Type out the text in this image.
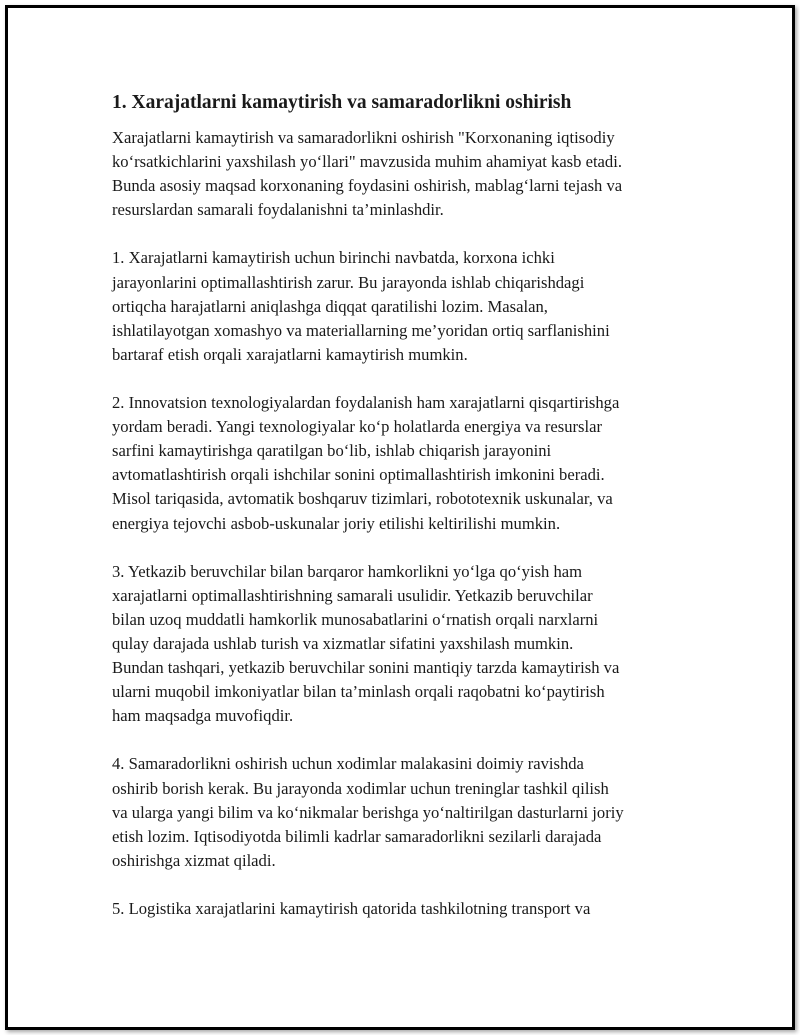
1. Xarajatlarni kamaytirish va samaradorlikni oshirish
Xarajatlarni kamaytirish va samaradorlikni oshirish "Korxonaning iqtisodiy
ko‘rsatkichlarini yaxshilash yo‘llari" mavzusida muhim ahamiyat kasb etadi.
Bunda asosiy maqsad korxonaning foydasini oshirish, mablag‘larni tejash va
resurslardan samarali foydalanishni ta’minlashdir.
1. Xarajatlarni kamaytirish uchun birinchi navbatda, korxona ichki
jarayonlarini optimallashtirish zarur. Bu jarayonda ishlab chiqarishdagi
ortiqcha harajatlarni aniqlashga diqqat qaratilishi lozim. Masalan,
ishlatilayotgan xomashyo va materiallarning me’yoridan ortiq sarflanishini
bartaraf etish orqali xarajatlarni kamaytirish mumkin.
2. Innovatsion texnologiyalardan foydalanish ham xarajatlarni qisqartirishga
yordam beradi. Yangi texnologiyalar ko‘p holatlarda energiya va resurslar
sarfini kamaytirishga qaratilgan bo‘lib, ishlab chiqarish jarayonini
avtomatlashtirish orqali ishchilar sonini optimallashtirish imkonini beradi.
Misol tariqasida, avtomatik boshqaruv tizimlari, robototexnik uskunalar, va
energiya tejovchi asbob-uskunalar joriy etilishi keltirilishi mumkin.
3. Yetkazib beruvchilar bilan barqaror hamkorlikni yo‘lga qo‘yish ham
xarajatlarni optimallashtirishning samarali usulidir. Yetkazib beruvchilar
bilan uzoq muddatli hamkorlik munosabatlarini o‘rnatish orqali narxlarni
qulay darajada ushlab turish va xizmatlar sifatini yaxshilash mumkin.
Bundan tashqari, yetkazib beruvchilar sonini mantiqiy tarzda kamaytirish va
ularni muqobil imkoniyatlar bilan ta’minlash orqali raqobatni ko‘paytirish
ham maqsadga muvofiqdir.
4. Samaradorlikni oshirish uchun xodimlar malakasini doimiy ravishda
oshirib borish kerak. Bu jarayonda xodimlar uchun treninglar tashkil qilish
va ularga yangi bilim va ko‘nikmalar berishga yo‘naltirilgan dasturlarni joriy
etish lozim. Iqtisodiyotda bilimli kadrlar samaradorlikni sezilarli darajada
oshirishga xizmat qiladi.
5. Logistika xarajatlarini kamaytirish qatorida tashkilotning transport va
